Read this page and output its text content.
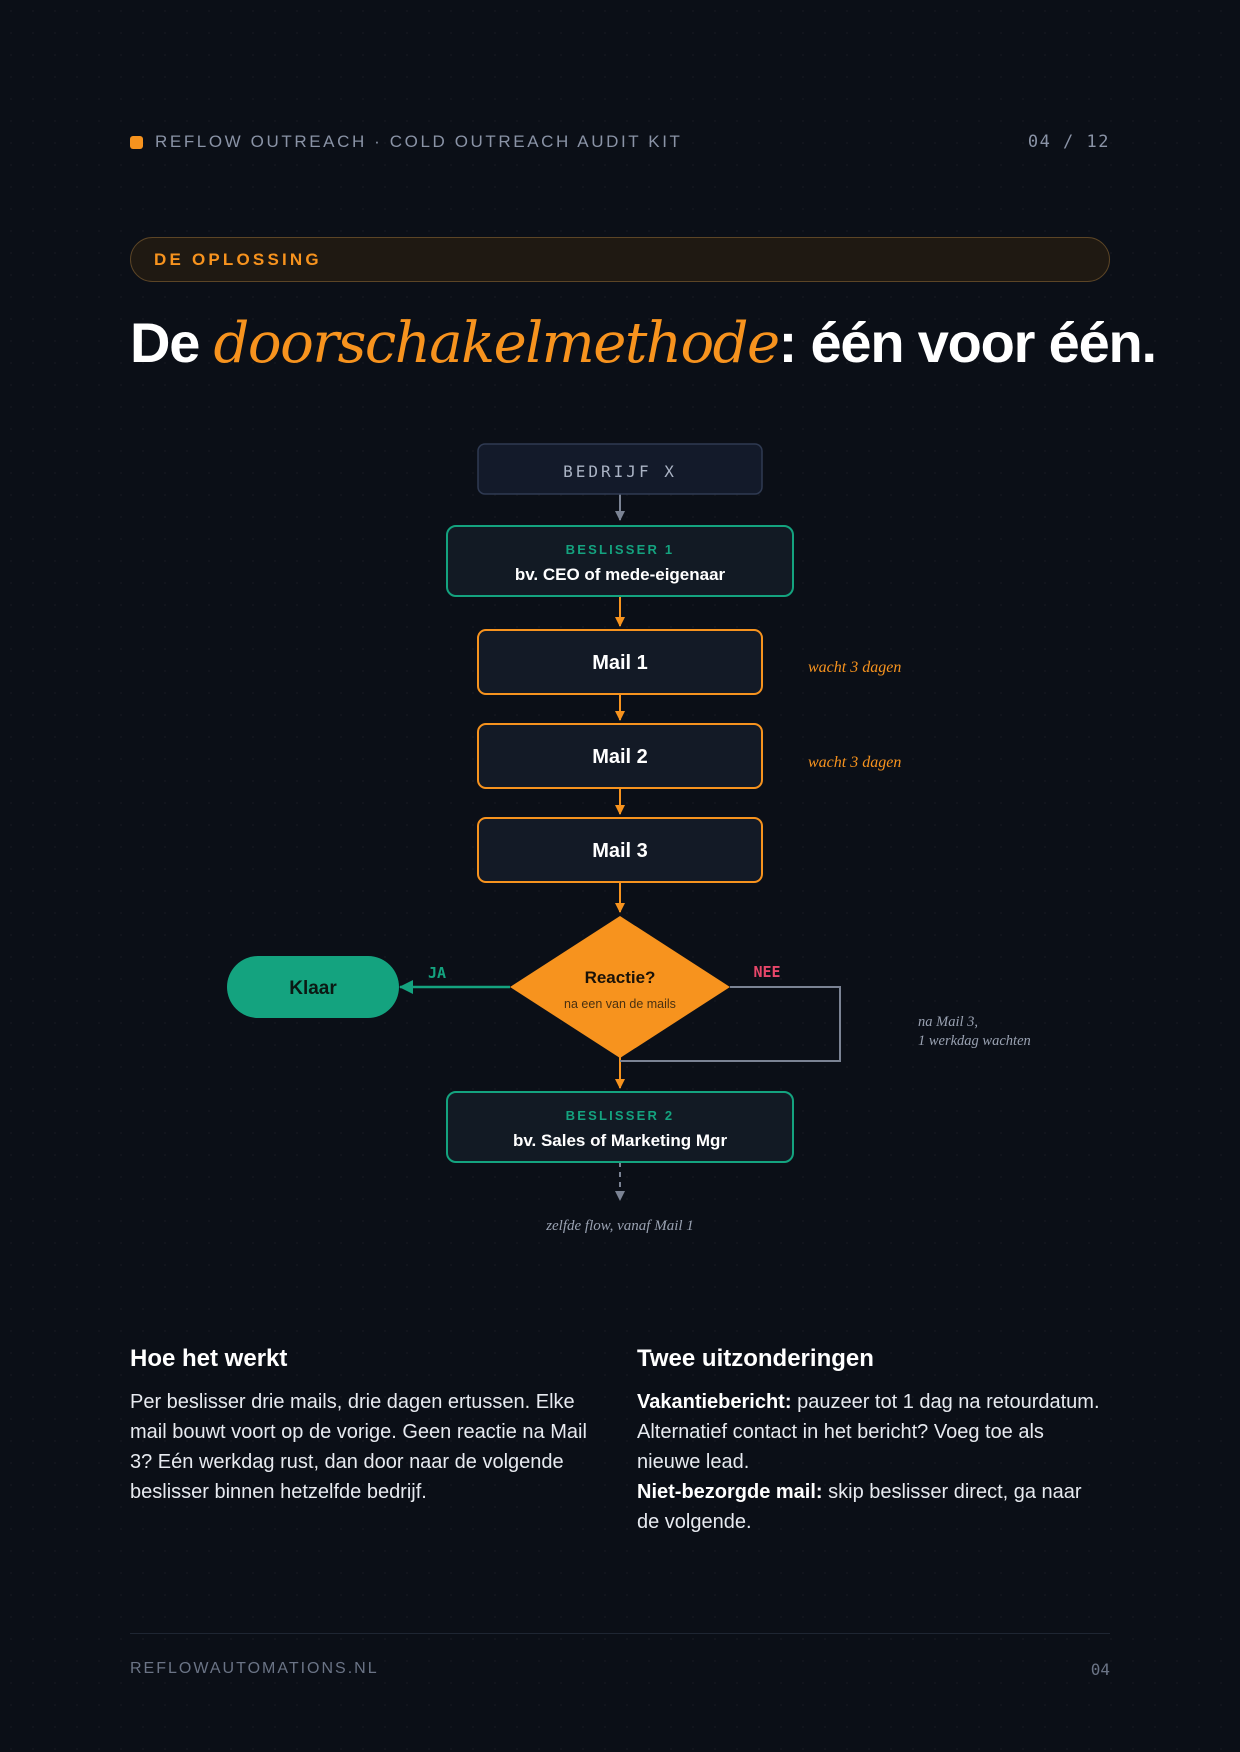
REFLOW OUTREACH · COLD OUTREACH AUDIT KIT	04 / 12
DE OPLOSSING
De doorschakelmethode: één voor één.
BEDRIJF X
BESLISSER 1
bv. CEO of mede-eigenaar
Mail 1	wacht 3 dagen
Mail 2	wacht 3 dagen
Mail 3
Reactie?
na een van de mails
JA	NEE
Klaar
na Mail 3,
1 werkdag wachten
BESLISSER 2
bv. Sales of Marketing Mgr
zelfde flow, vanaf Mail 1
Hoe het werkt

Per beslisser drie mails, drie dagen ertussen. Elke mail bouwt voort op de vorige. Geen reactie na Mail 3? Eén werkdag rust, dan door naar de volgende beslisser binnen hetzelfde bedrijf.

Twee uitzonderingen

Vakantiebericht: pauzeer tot 1 dag na retourdatum. Alternatief contact in het bericht? Voeg toe als nieuwe lead.

Niet-bezorgde mail: skip beslisser direct, ga naar de volgende.

REFLOWAUTOMATIONS.NL	04
